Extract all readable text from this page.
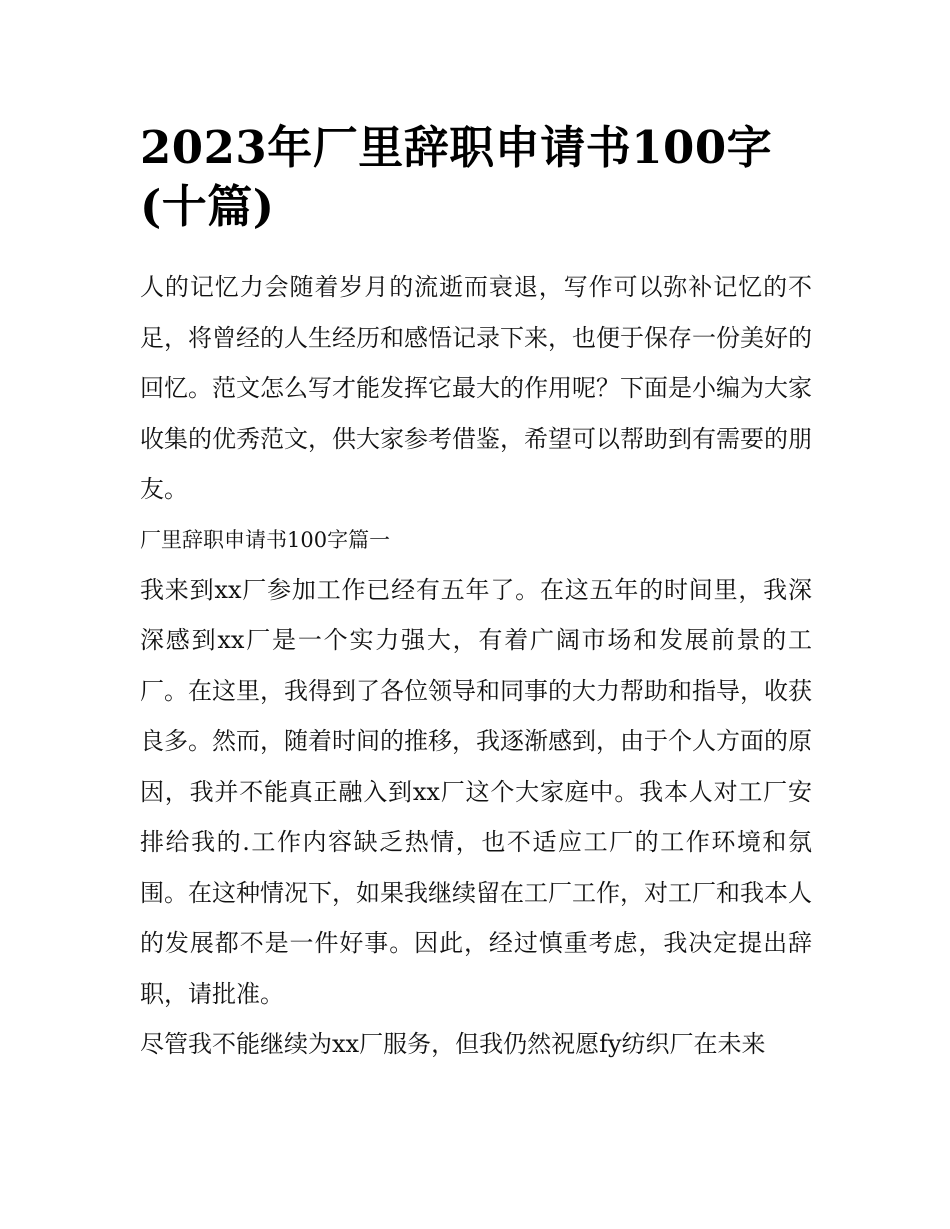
2023年厂里辞职申请书100字(十篇)

人的记忆力会随着岁月的流逝而衰退，写作可以弥补记忆的不足，将曾经的人生经历和感悟记录下来，也便于保存一份美好的回忆。范文怎么写才能发挥它最大的作用呢？下面是小编为大家收集的优秀范文，供大家参考借鉴，希望可以帮助到有需要的朋友。

厂里辞职申请书100字篇一

我来到xx厂参加工作已经有五年了。在这五年的时间里，我深深感到xx厂是一个实力强大，有着广阔市场和发展前景的工厂。在这里，我得到了各位领导和同事的大力帮助和指导，收获良多。然而，随着时间的推移，我逐渐感到，由于个人方面的原因，我并不能真正融入到xx厂这个大家庭中。我本人对工厂安排给我的.工作内容缺乏热情，也不适应工厂的工作环境和氛围。在这种情况下，如果我继续留在工厂工作，对工厂和我本人的发展都不是一件好事。因此，经过慎重考虑，我决定提出辞职，请批准。

尽管我不能继续为xx厂服务，但我仍然祝愿fy纺织厂在未来
